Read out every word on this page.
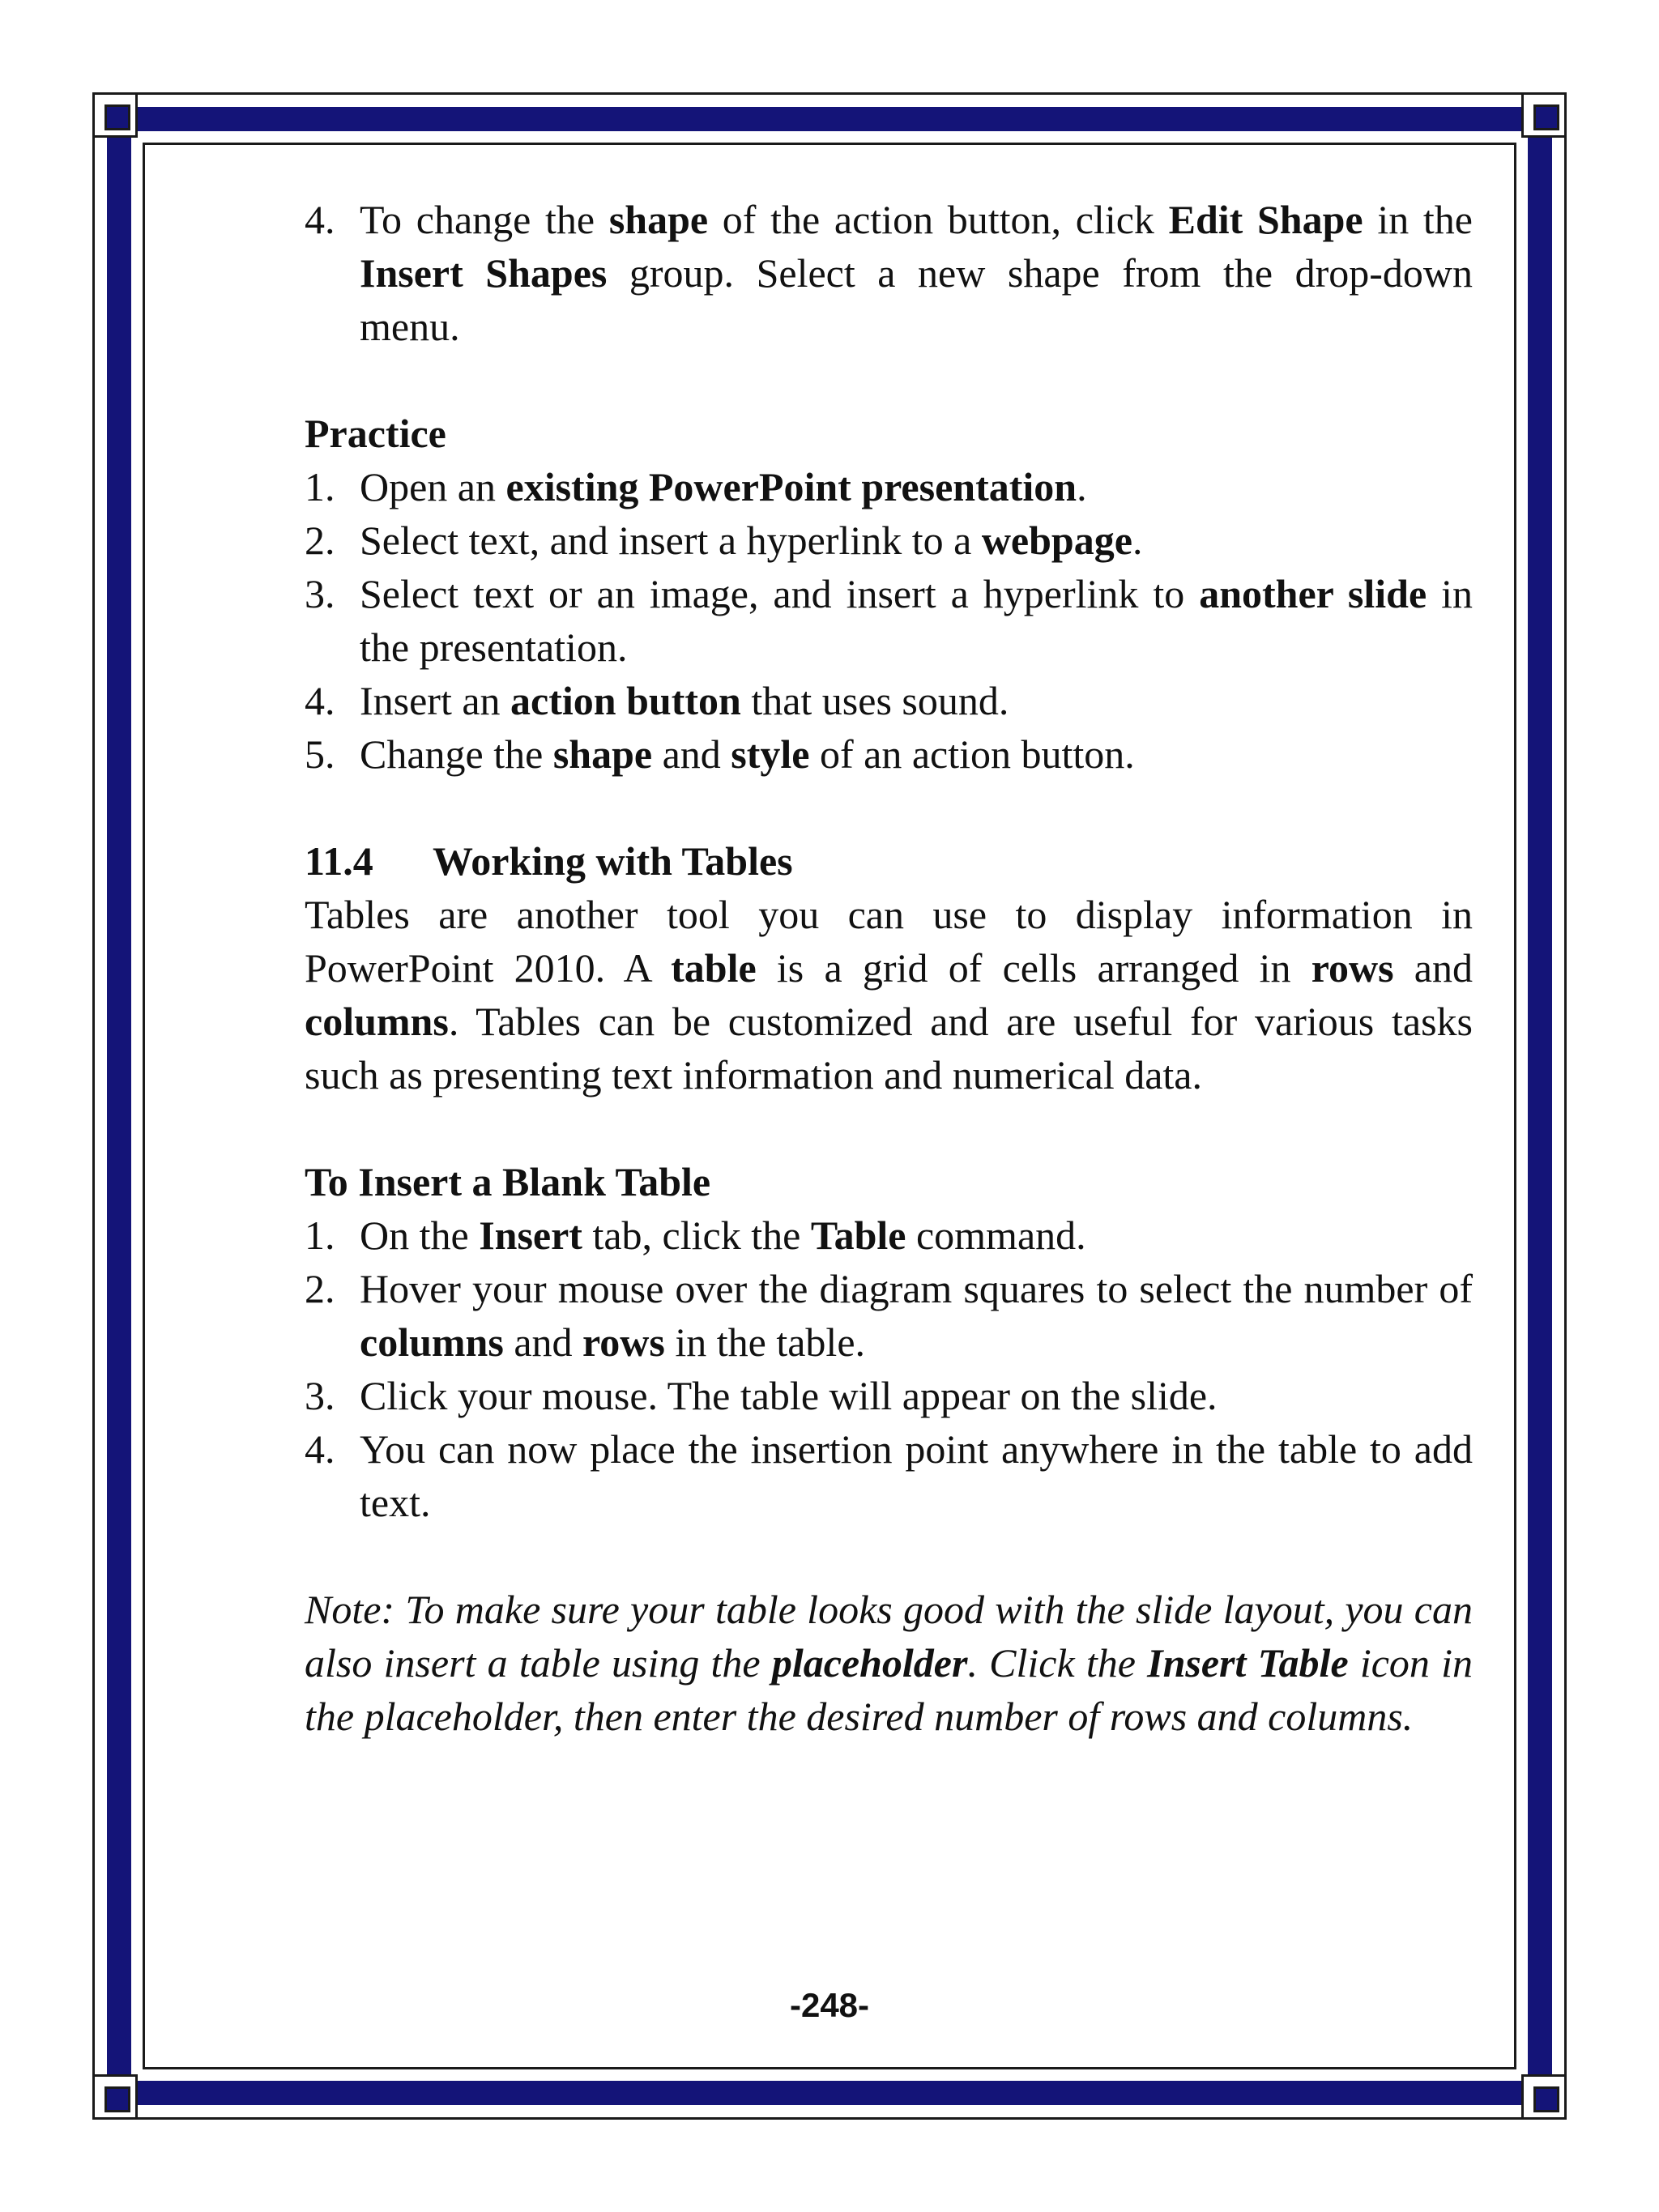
4. To change the shape of the action button, click Edit Shape in the Insert Shapes group. Select a new shape from the drop-down menu.
Practice
1. Open an existing PowerPoint presentation.
2. Select text, and insert a hyperlink to a webpage.
3. Select text or an image, and insert a hyperlink to another slide in the presentation.
4. Insert an action button that uses sound.
5. Change the shape and style of an action button.
11.4 Working with Tables
Tables are another tool you can use to display information in PowerPoint 2010. A table is a grid of cells arranged in rows and columns. Tables can be customized and are useful for various tasks such as presenting text information and numerical data.
To Insert a Blank Table
1. On the Insert tab, click the Table command.
2. Hover your mouse over the diagram squares to select the number of columns and rows in the table.
3. Click your mouse. The table will appear on the slide.
4. You can now place the insertion point anywhere in the table to add text.
Note: To make sure your table looks good with the slide layout, you can also insert a table using the placeholder. Click the Insert Table icon in the placeholder, then enter the desired number of rows and columns.
-248-
